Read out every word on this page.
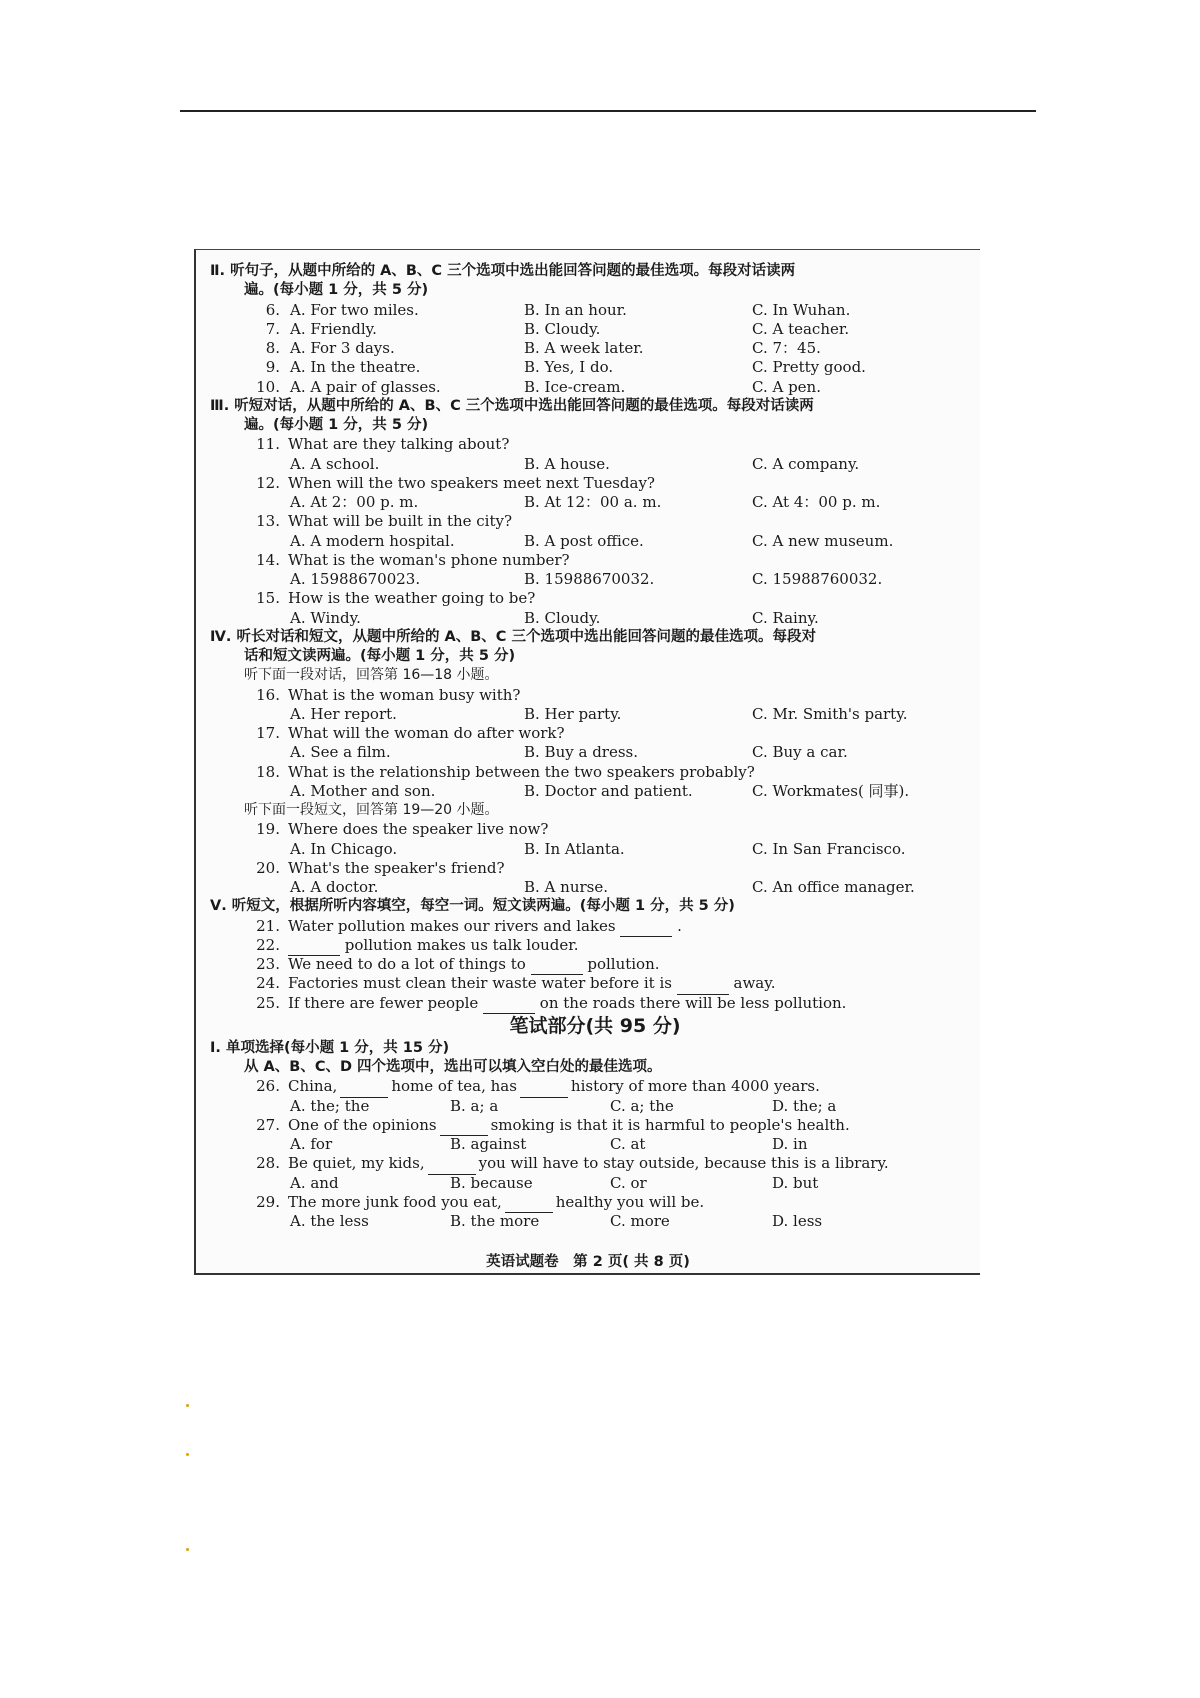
Ⅱ. 听句子，从题中所给的 A、B、C 三个选项中选出能回答问题的最佳选项。每段对话读两
遍。(每小题 1 分，共 5 分)
6. A. For two miles.	B. In an hour.	C. In Wuhan.
7. A. Friendly.	B. Cloudy.	C. A teacher.
8. A. For 3 days.	B. A week later.	C. 7：45.
9. A. In the theatre.	B. Yes, I do.	C. Pretty good.
10. A. A pair of glasses.	B. Ice-cream.	C. A pen.
Ⅲ. 听短对话，从题中所给的 A、B、C 三个选项中选出能回答问题的最佳选项。每段对话读两
遍。(每小题 1 分，共 5 分)
11. What are they talking about?
A. A school.	B. A house.	C. A company.
12. When will the two speakers meet next Tuesday?
A. At 2：00 p. m.	B. At 12：00 a. m.	C. At 4：00 p. m.
13. What will be built in the city?
A. A modern hospital.	B. A post office.	C. A new museum.
14. What is the woman's phone number?
A. 15988670023.	B. 15988670032.	C. 15988760032.
15. How is the weather going to be?
A. Windy.	B. Cloudy.	C. Rainy.
Ⅳ. 听长对话和短文，从题中所给的 A、B、C 三个选项中选出能回答问题的最佳选项。每段对
话和短文读两遍。(每小题 1 分，共 5 分)
听下面一段对话，回答第 16—18 小题。
16. What is the woman busy with?
A. Her report.	B. Her party.	C. Mr. Smith's party.
17. What will the woman do after work?
A. See a film.	B. Buy a dress.	C. Buy a car.
18. What is the relationship between the two speakers probably?
A. Mother and son.	B. Doctor and patient.	C. Workmates( 同事).
听下面一段短文，回答第 19—20 小题。
19. Where does the speaker live now?
A. In Chicago.	B. In Atlanta.	C. In San Francisco.
20. What's the speaker's friend?
A. A doctor.	B. A nurse.	C. An office manager.
Ⅴ. 听短文，根据所听内容填空，每空一词。短文读两遍。(每小题 1 分，共 5 分)
21. Water pollution makes our rivers and lakes	.
22.	pollution makes us talk louder.
23. We need to do a lot of things to	pollution.
24. Factories must clean their waste water before it is	away.
25. If there are fewer people	on the roads there will be less pollution.
笔试部分(共 95 分)
Ⅰ. 单项选择(每小题 1 分，共 15 分)
从 A、B、C、D 四个选项中，选出可以填入空白处的最佳选项。
26. China,	home of tea, has	history of more than 4000 years.
A. the; the	B. a; a	C. a; the	D. the; a
27. One of the opinions	smoking is that it is harmful to people's health.
A. for	B. against	C. at	D. in
28. Be quiet, my kids,	you will have to stay outside, because this is a library.
A. and	B. because	C. or	D. but
29. The more junk food you eat,	healthy you will be.
A. the less	B. the more	C. more	D. less
英语试题卷　第 2 页( 共 8 页)
